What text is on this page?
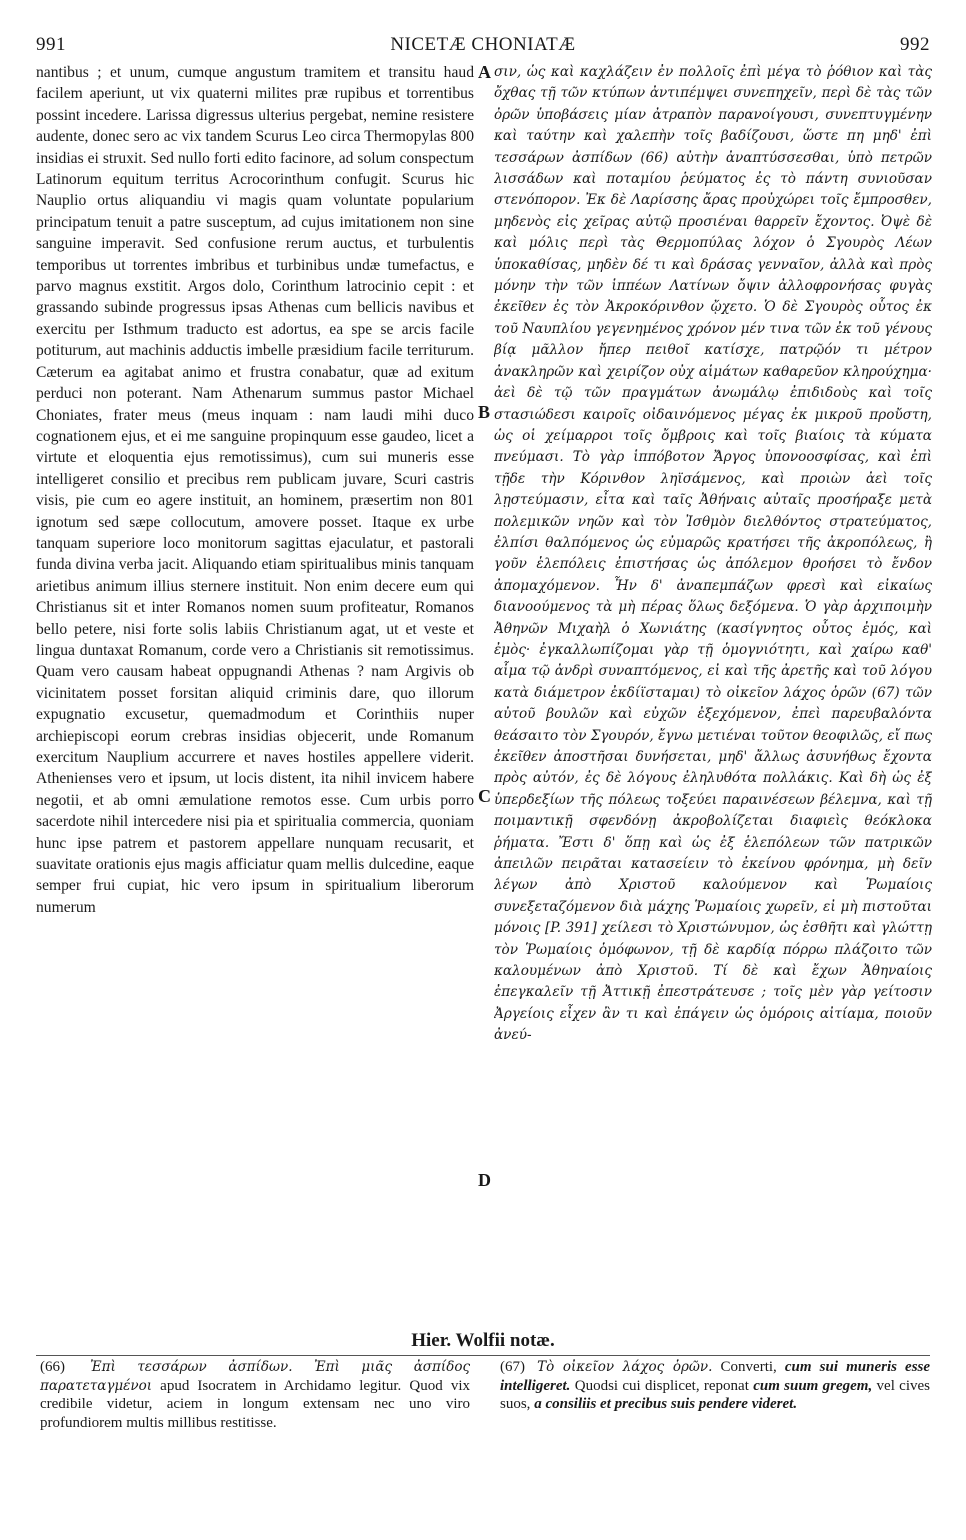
991	NICETÆ CHONIATÆ	992

nantibus ; et unum, cumque angustum tramitem et transitu haud facilem aperiunt, ut vix quaterni milites præ rupibus et torrentibus possint incedere. Larissa digressus ulterius pergebat, nemine resistere audente, donec sero ac vix tandem Scurus Leo circa Thermopylas 800 insidias ei struxit. Sed nullo forti edito facinore, ad solum conspectum Latinorum equitum territus Acrocorinthum confugit. Scurus hic Nauplio ortus aliquandiu vi magis quam voluntate popularium principatum tenuit a patre susceptum, ad cujus imitationem non sine sanguine imperavit. Sed confusione rerum auctus, et turbulentis temporibus ut torrentes imbribus et turbinibus undæ tumefactus, e parvo magnus exstitit. Argos dolo, Corinthum latrocinio cepit : et grassando subinde progressus ipsas Athenas cum bellicis navibus et exercitu per Isthmum traducto est adortus, ea spe se arcis facile potiturum, aut machinis adductis imbelle præsidium facile territurum. Cæterum ea agitabat animo et frustra conabatur, quæ ad exitum perduci non poterant. Nam Athenarum summus pastor Michael Choniates, frater meus (meus inquam : nam laudi mihi duco cognationem ejus, et ei me sanguine propinquum esse gaudeo, licet a virtute et eloquentia ejus remotissimus), cum sui muneris esse intelligeret consilio et precibus rem publicam juvare, Scuri castris visis, pie cum eo agere instituit, an hominem, præsertim non 801 ignotum sed sæpe collocutum, amovere posset. Itaque ex urbe tanquam superiore loco monitorum sagittas ejaculatur, et pastorali funda divina verba jacit. Aliquando etiam spiritualibus minis tanquam arietibus animum illius sternere instituit. Non enim decere eum qui Christianus sit et inter Romanos nomen suum profiteatur, Romanos bello petere, nisi forte solis labiis Christianum agat, ut et veste et lingua duntaxat Romanum, corde vero a Christianis sit remotissimus. Quam vero causam habeat oppugnandi Athenas ? nam Argivis ob vicinitatem posset forsitan aliquid criminis dare, quo illorum expugnatio excusetur, quemadmodum et Corinthiis nuper archiepiscopi eorum crebras insidias objecerit, unde Romanum exercitum Nauplium accurrere et naves hostiles appellere viderit. Athenienses vero et ipsum, ut locis distent, ita nihil invicem habere negotii, et ab omni æmulatione remotos esse. Cum urbis porro sacerdote nihil intercedere nisi pia et spiritualia commercia, quoniam hunc ipse patrem et pastorem appellare nunquam recusarit, et suavitate orationis ejus magis afficiatur quam mellis dulcedine, eaque semper frui cupiat, hic vero ipsum in spiritualium liberorum numerum

A
B
C
D

σιν, ὡς καὶ καχλάζειν ἐν πολλοῖς ἐπὶ μέγα τὸ ῥόθιον καὶ τὰς ὄχθας τῇ τῶν κτύπων ἀντιπέμψει συνεπηχεῖν, περὶ δὲ τὰς τῶν ὀρῶν ὑποβάσεις μίαν ἀτραπὸν παρανοίγουσι, συνεπτυγμένην καὶ ταύτην καὶ χαλεπὴν τοῖς βαδίζουσι, ὥστε πη μηδ' ἐπὶ τεσσάρων ἀσπίδων (66) αὐτὴν ἀναπτύσσεσθαι, ὑπὸ πετρῶν λισσάδων καὶ ποταμίου ῥεύματος ἐς τὸ πάντη συνιοῦσαν στενόπορον. Ἐκ δὲ Λαρίσσης ἄρας προὐχώρει τοῖς ἔμπροσθεν, μηδενὸς εἰς χεῖρας αὐτῷ προσιέναι θαρρεῖν ἔχοντος. Ὀψὲ δὲ καὶ μόλις περὶ τὰς Θερμοπύλας λόχον ὁ Σγουρὸς Λέων ὑποκαθίσας, μηδὲν δέ τι καὶ δράσας γενναῖον, ἀλλὰ καὶ πρὸς μόνην τὴν τῶν ἱππέων Λατίνων ὄψιν ἀλλοφρονήσας φυγὰς ἐκεῖθεν ἐς τὸν Ἀκροκόρινθον ᾤχετο. Ὁ δὲ Σγουρὸς οὗτος ἐκ τοῦ Ναυπλίου γεγενημένος χρόνον μέν τινα τῶν ἐκ τοῦ γένους βίᾳ μᾶλλον ἤπερ πειθοῖ κατίσχε, πατρῷόν τι μέτρον ἀνακληρῶν καὶ χειρίζον οὐχ αἱμάτων καθαρεῦον κληρούχημα· ἀεὶ δὲ τῷ τῶν πραγμάτων ἀνωμάλῳ ἐπιδιδοὺς καὶ τοῖς στασιώδεσι καιροῖς οἰδαινόμενος μέγας ἐκ μικροῦ προὔστη, ὡς οἱ χείμαρροι τοῖς ὄμβροις καὶ τοῖς βιαίοις τὰ κύματα πνεύμασι. Τὸ γὰρ ἱππόβοτον Ἄργος ὑπονοοσφίσας, καὶ ἐπὶ τῇδε τὴν Κόρινθον ληϊσάμενος, καὶ προιὼν ἀεὶ τοῖς λῃστεύμασιν, εἶτα καὶ ταῖς Ἀθήναις αὐταῖς προσήραξε μετὰ πολεμικῶν νηῶν καὶ τὸν Ἰσθμὸν διελθόντος στρατεύματος, ἐλπίσι θαλπόμενος ὡς εὐμαρῶς κρατήσει τῆς ἀκροπόλεως, ἢ γοῦν ἑλεπόλεις ἐπιστήσας ὡς ἀπόλεμον θροήσει τὸ ἔνδον ἀπομαχόμενον. Ἦν δ' ἀναπεμπάζων φρεσὶ καὶ εἰκαίως διανοούμενος τὰ μὴ πέρας ὅλως δεξόμενα. Ὁ γὰρ ἀρχιποιμὴν Ἀθηνῶν Μιχαὴλ ὁ Χωνιάτης (κασίγνητος οὗτος ἐμός, καὶ ἐμὸς· ἐγκαλλωπίζομαι γὰρ τῇ ὁμογνιότητι, καὶ χαίρω καθ' αἷμα τῷ ἀνδρὶ συναπτόμενος, εἰ καὶ τῆς ἀρετῆς καὶ τοῦ λόγου κατὰ διάμετρον ἐκδίϊσταμαι) τὸ οἰκεῖον λάχος ὁρῶν (67) τῶν αὐτοῦ βουλῶν καὶ εὐχῶν ἐξεχόμενον, ἐπεὶ παρευβαλόντα θεάσαιτο τὸν Σγουρόν, ἔγνω μετιέναι τοῦτον θεοφιλῶς, εἴ πως ἐκεῖθεν ἀποστῆσαι δυνήσεται, μηδ' ἄλλως ἀσυνήθως ἔχοντα πρὸς αὐτόν, ἐς δὲ λόγους ἐληλυθότα πολλάκις. Καὶ δὴ ὡς ἐξ ὑπερδεξίων τῆς πόλεως τοξεύει παραινέσεων βέλεμνα, καὶ τῇ ποιμαντικῇ σφενδόνῃ ἀκροβολίζεται διαφιεὶς θεόκλοκα ῥήματα. Ἔστι δ' ὅπῃ καὶ ὡς ἐξ ἑλεπόλεων τῶν πατρικῶν ἀπειλῶν πειρᾶται κατασείειν τὸ ἐκείνου φρόνημα, μὴ δεῖν λέγων ἀπὸ Χριστοῦ καλούμενον καὶ Ῥωμαίοις συνεξεταζόμενον διὰ μάχης Ῥωμαίοις χωρεῖν, εἰ μὴ πιστοῦται μόνοις [P. 391] χείλεσι τὸ Χριστώνυμον, ὡς ἐσθῆτι καὶ γλώττῃ τὸν Ῥωμαίοις ὁμόφωνον, τῇ δὲ καρδίᾳ πόρρω πλάζοιτο τῶν καλουμένων ἀπὸ Χριστοῦ. Τί δὲ καὶ ἔχων Ἀθηναίοις ἐπεγκαλεῖν τῇ Ἀττικῇ ἐπεστράτευσε ; τοῖς μὲν γὰρ γείτοσιν Ἀργείοις εἶχεν ἂν τι καὶ ἐπάγειν ὡς ὁμόροις αἰτίαμα, ποιοῦν ἀνεύ-

Hier. Wolfii notæ.
(66) Ἐπὶ τεσσάρων ἀσπίδων. Ἐπὶ μιᾶς ἀσπίδος παρατεταγμένοι apud Isocratem in Archidamo legitur. Quod vix credibile videtur, aciem in longum extensam nec uno viro profundiorem multis millibus restitisse.
(67) Τὸ οἰκεῖον λάχος ὁρῶν. Converti, cum sui muneris esse intelligeret. Quodsi cui displicet, reponat cum suum gregem, vel cives suos, a consiliis et precibus suis pendere videret.
